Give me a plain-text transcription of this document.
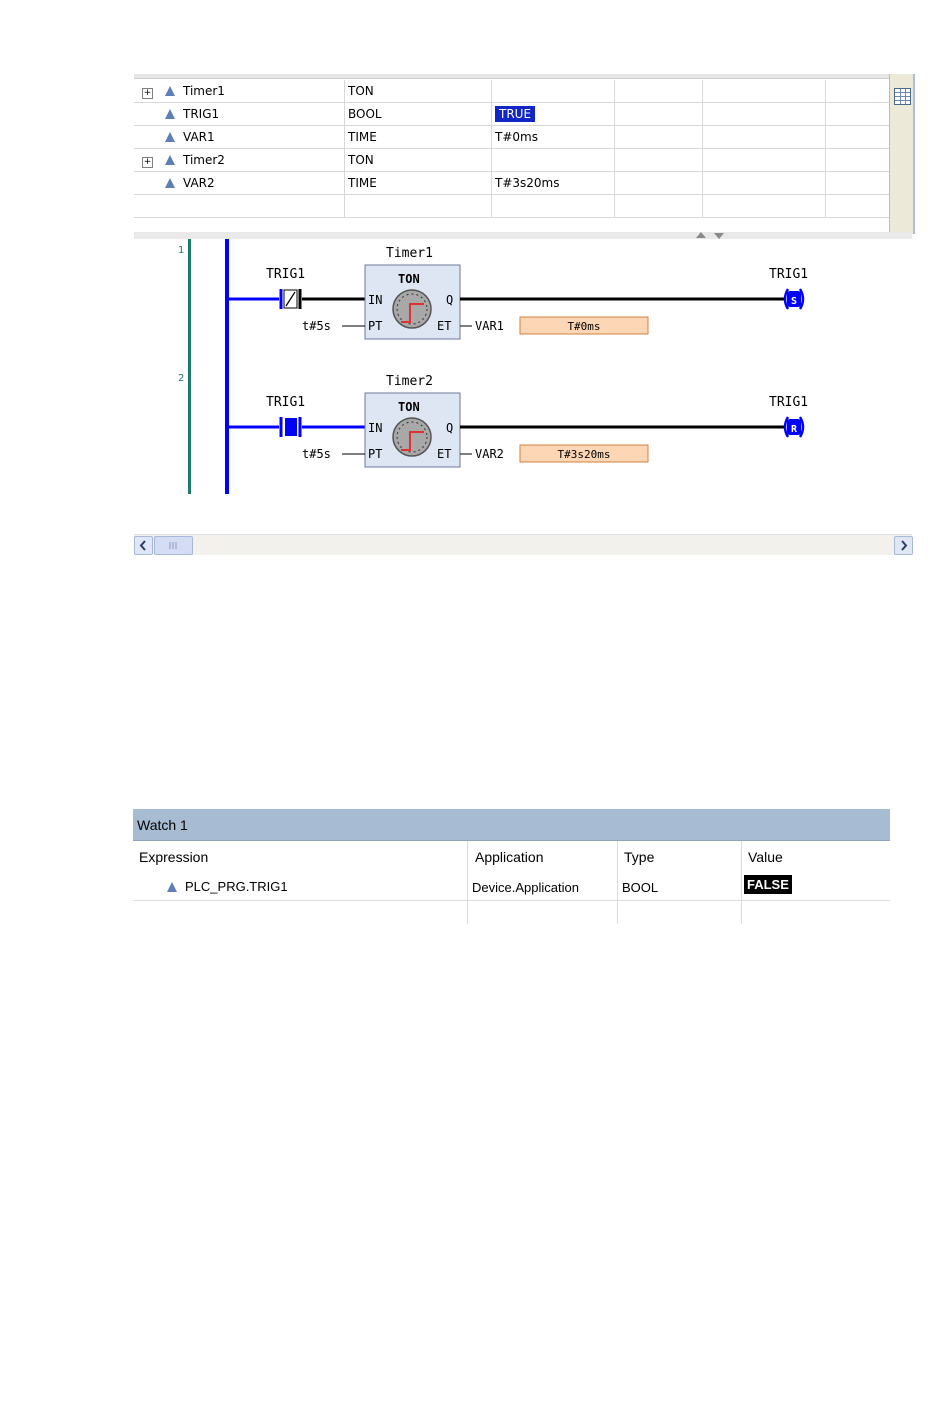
+ Timer1	TON				
TRIG1	BOOL	TRUE			
VAR1	TIME	T#0ms			
+ Timer2	TON				
VAR2	TIME	T#3s20ms			

1
TRIG1
Timer1
TON
IN	Q
PT	ET
t#5s	VAR1	T#0ms
TRIG1
S
2
TRIG1
Timer2
TON
IN	Q
PT	ET
t#5s	VAR2	T#3s20ms
TRIG1
R
Watch 1
Expression	Application	Type	Value
PLC_PRG.TRIG1	Device.Application	BOOL	FALSE
